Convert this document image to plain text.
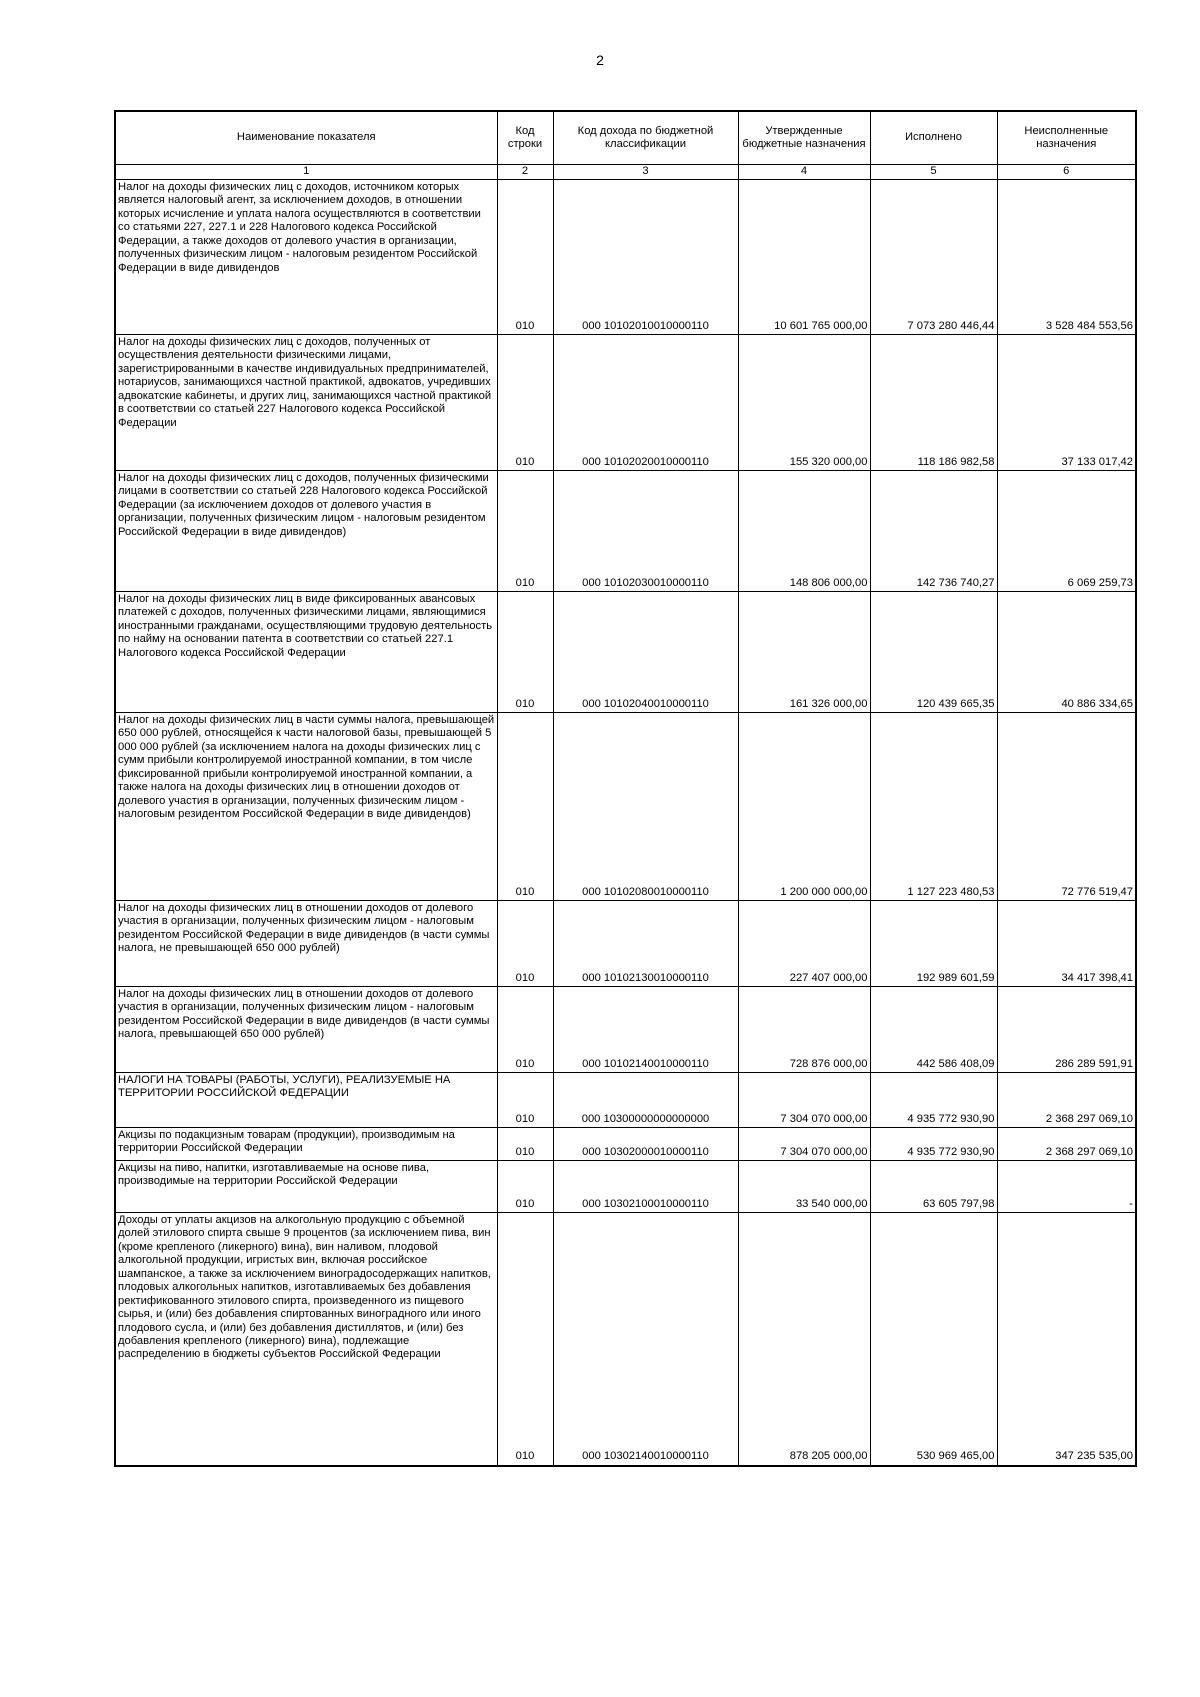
2
Наименование показателя	Код строки	Код дохода по бюджетной классификации	Утвержденные бюджетные назначения	Исполнено	Неисполненные назначения
1	2	3	4	5	6
Налог на доходы физических лиц с доходов, источником которых является налоговый агент, за исключением доходов, в отношении которых исчисление и уплата налога осуществляются в соответствии со статьями 227, 227.1 и 228 Налогового кодекса Российской Федерации, а также доходов от долевого участия в организации, полученных физическим лицом - налоговым резидентом Российской Федерации в виде дивидендов	010	000 10102010010000110	10 601 765 000,00	7 073 280 446,44	3 528 484 553,56
Налог на доходы физических лиц с доходов, полученных от осуществления деятельности физическими лицами, зарегистрированными в качестве индивидуальных предпринимателей, нотариусов, занимающихся частной практикой, адвокатов, учредивших адвокатские кабинеты, и других лиц, занимающихся частной практикой в соответствии со статьей 227 Налогового кодекса Российской Федерации	010	000 10102020010000110	155 320 000,00	118 186 982,58	37 133 017,42
Налог на доходы физических лиц с доходов, полученных физическими лицами в соответствии со статьей 228 Налогового кодекса Российской Федерации (за исключением доходов от долевого участия в организации, полученных физическим лицом - налоговым резидентом Российской Федерации в виде дивидендов)	010	000 10102030010000110	148 806 000,00	142 736 740,27	6 069 259,73
Налог на доходы физических лиц в виде фиксированных авансовых платежей с доходов, полученных физическими лицами, являющимися иностранными гражданами, осуществляющими трудовую деятельность по найму на основании патента в соответствии со статьей 227.1 Налогового кодекса Российской Федерации	010	000 10102040010000110	161 326 000,00	120 439 665,35	40 886 334,65
Налог на доходы физических лиц в части суммы налога, превышающей 650 000 рублей, относящейся к части налоговой базы, превышающей 5 000 000 рублей (за исключением налога на доходы физических лиц с сумм прибыли контролируемой иностранной компании, в том числе фиксированной прибыли контролируемой иностранной компании, а также налога на доходы физических лиц в отношении доходов от долевого участия в организации, полученных физическим лицом - налоговым резидентом Российской Федерации в виде дивидендов)	010	000 10102080010000110	1 200 000 000,00	1 127 223 480,53	72 776 519,47
Налог на доходы физических лиц в отношении доходов от долевого участия в организации, полученных физическим лицом - налоговым резидентом Российской Федерации в виде дивидендов (в части суммы налога, не превышающей 650 000 рублей)	010	000 10102130010000110	227 407 000,00	192 989 601,59	34 417 398,41
Налог на доходы физических лиц в отношении доходов от долевого участия в организации, полученных физическим лицом - налоговым резидентом Российской Федерации в виде дивидендов (в части суммы налога, превышающей 650 000 рублей)	010	000 10102140010000110	728 876 000,00	442 586 408,09	286 289 591,91
НАЛОГИ НА ТОВАРЫ (РАБОТЫ, УСЛУГИ), РЕАЛИЗУЕМЫЕ НА ТЕРРИТОРИИ РОССИЙСКОЙ ФЕДЕРАЦИИ	010	000 10300000000000000	7 304 070 000,00	4 935 772 930,90	2 368 297 069,10
Акцизы по подакцизным товарам (продукции), производимым на территории Российской Федерации	010	000 10302000010000110	7 304 070 000,00	4 935 772 930,90	2 368 297 069,10
Акцизы на пиво, напитки, изготавливаемые на основе пива, производимые на территории Российской Федерации	010	000 10302100010000110	33 540 000,00	63 605 797,98	-
Доходы от уплаты акцизов на алкогольную продукцию с объемной долей этилового спирта свыше 9 процентов (за исключением пива, вин (кроме крепленого (ликерного) вина), вин наливом, плодовой алкогольной продукции, игристых вин, включая российское шампанское, а также за исключением виноградосодержащих напитков, плодовых алкогольных напитков, изготавливаемых без добавления ректификованного этилового спирта, произведенного из пищевого сырья, и (или) без добавления спиртованных виноградного или иного плодового сусла, и (или) без добавления дистиллятов, и (или) без добавления крепленого (ликерного) вина), подлежащие распределению в бюджеты субъектов Российской Федерации	010	000 10302140010000110	878 205 000,00	530 969 465,00	347 235 535,00
